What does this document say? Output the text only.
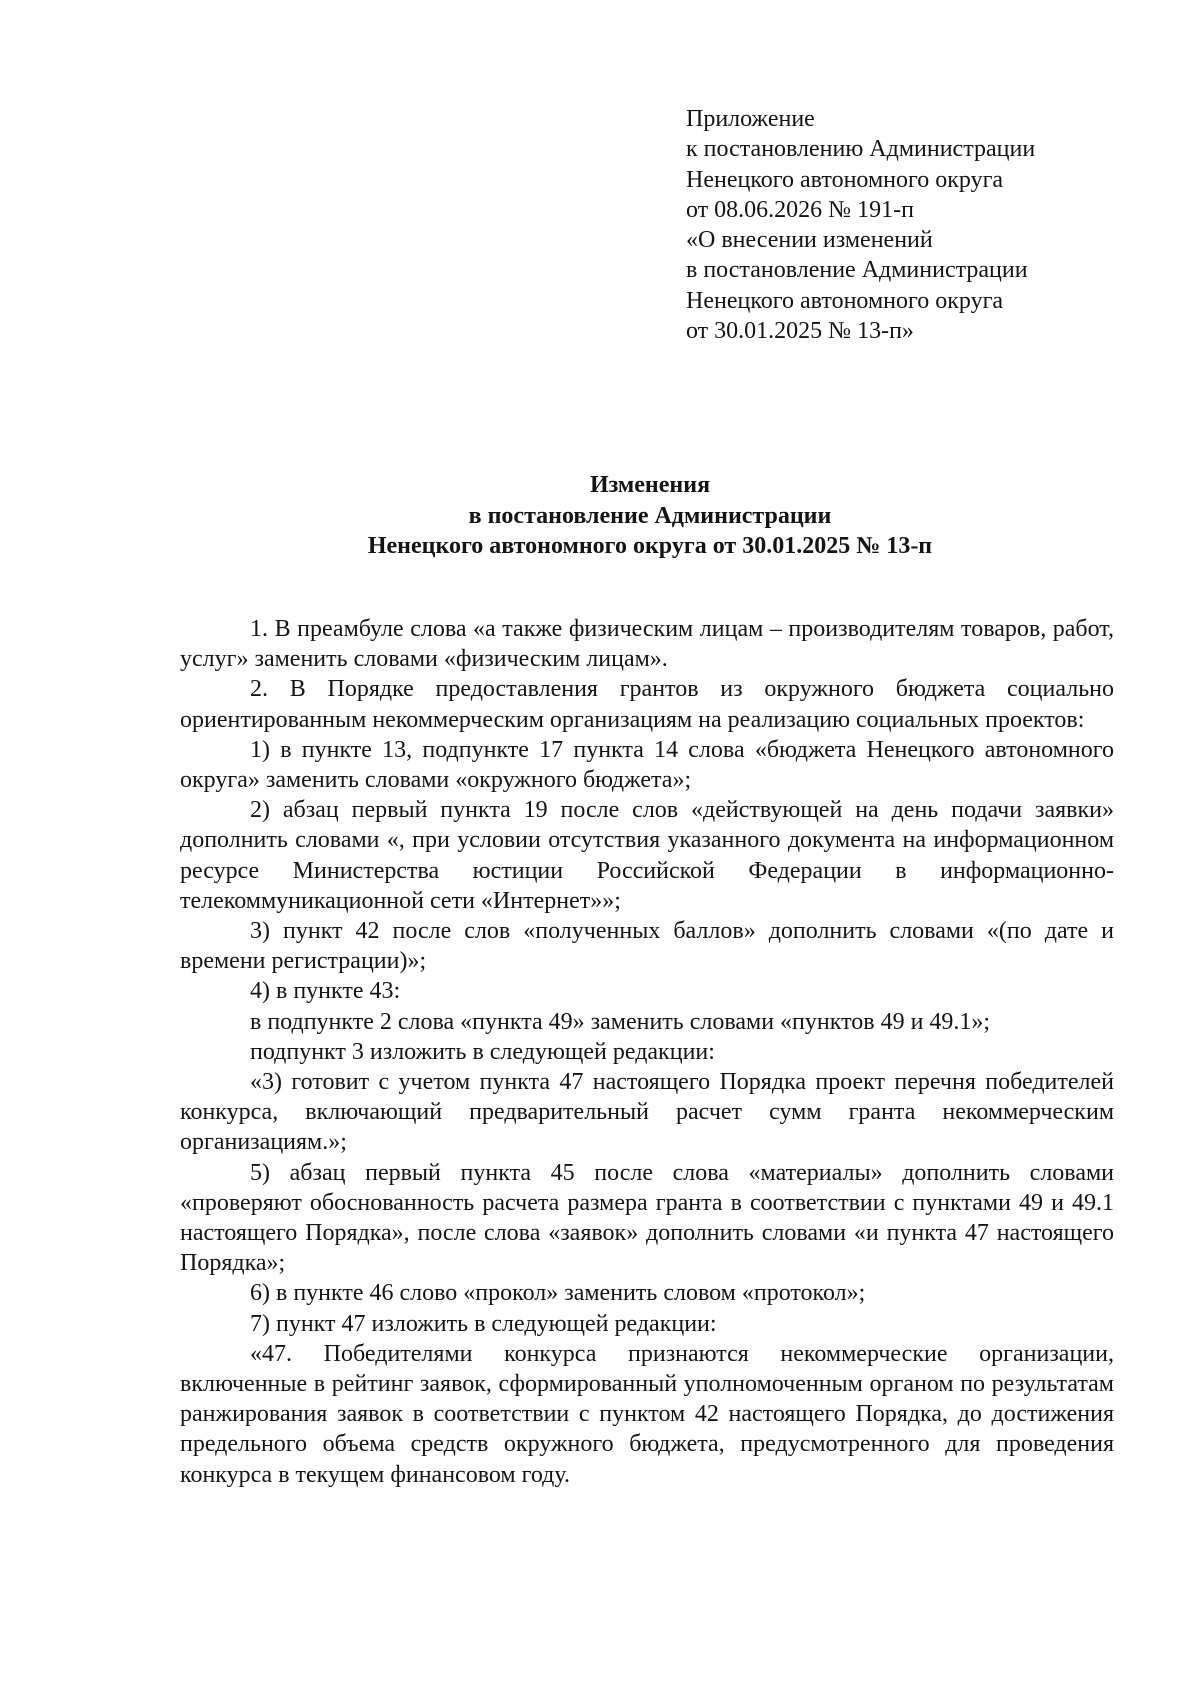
Приложение
к постановлению Администрации
Ненецкого автономного округа
от 08.06.2026 № 191-п
«О внесении изменений
в постановление Администрации
Ненецкого автономного округа
от 30.01.2025 № 13-п»
Изменения
в постановление Администрации
Ненецкого автономного округа от 30.01.2025 № 13-п

1. В преамбуле слова «а также физическим лицам – производителям товаров, работ, услуг» заменить словами «физическим лицам».

2. В Порядке предоставления грантов из окружного бюджета социально ориентированным некоммерческим организациям на реализацию социальных проектов:

1) в пункте 13, подпункте 17 пункта 14 слова «бюджета Ненецкого автономного округа» заменить словами «окружного бюджета»;

2) абзац первый пункта 19 после слов «действующей на день подачи заявки» дополнить словами «, при условии отсутствия указанного документа на информационном ресурсе Министерства юстиции Российской Федерации в информационно-телекоммуникационной сети «Интернет»»;

3) пункт 42 после слов «полученных баллов» дополнить словами «(по дате и времени регистрации)»;

4) в пункте 43:

в подпункте 2 слова «пункта 49» заменить словами «пунктов 49 и 49.1»;

подпункт 3 изложить в следующей редакции:

«3) готовит с учетом пункта 47 настоящего Порядка проект перечня победителей конкурса, включающий предварительный расчет сумм гранта некоммерческим организациям.»;

5) абзац первый пункта 45 после слова «материалы» дополнить словами «проверяют обоснованность расчета размера гранта в соответствии с пунктами 49 и 49.1 настоящего Порядка», после слова «заявок» дополнить словами «и пункта 47 настоящего Порядка»;

6) в пункте 46 слово «прокол» заменить словом «протокол»;

7) пункт 47 изложить в следующей редакции:

«47. Победителями конкурса признаются некоммерческие организации, включенные в рейтинг заявок, сформированный уполномоченным органом по результатам ранжирования заявок в соответствии с пунктом 42 настоящего Порядка, до достижения предельного объема средств окружного бюджета, предусмотренного для проведения конкурса в текущем финансовом году.
